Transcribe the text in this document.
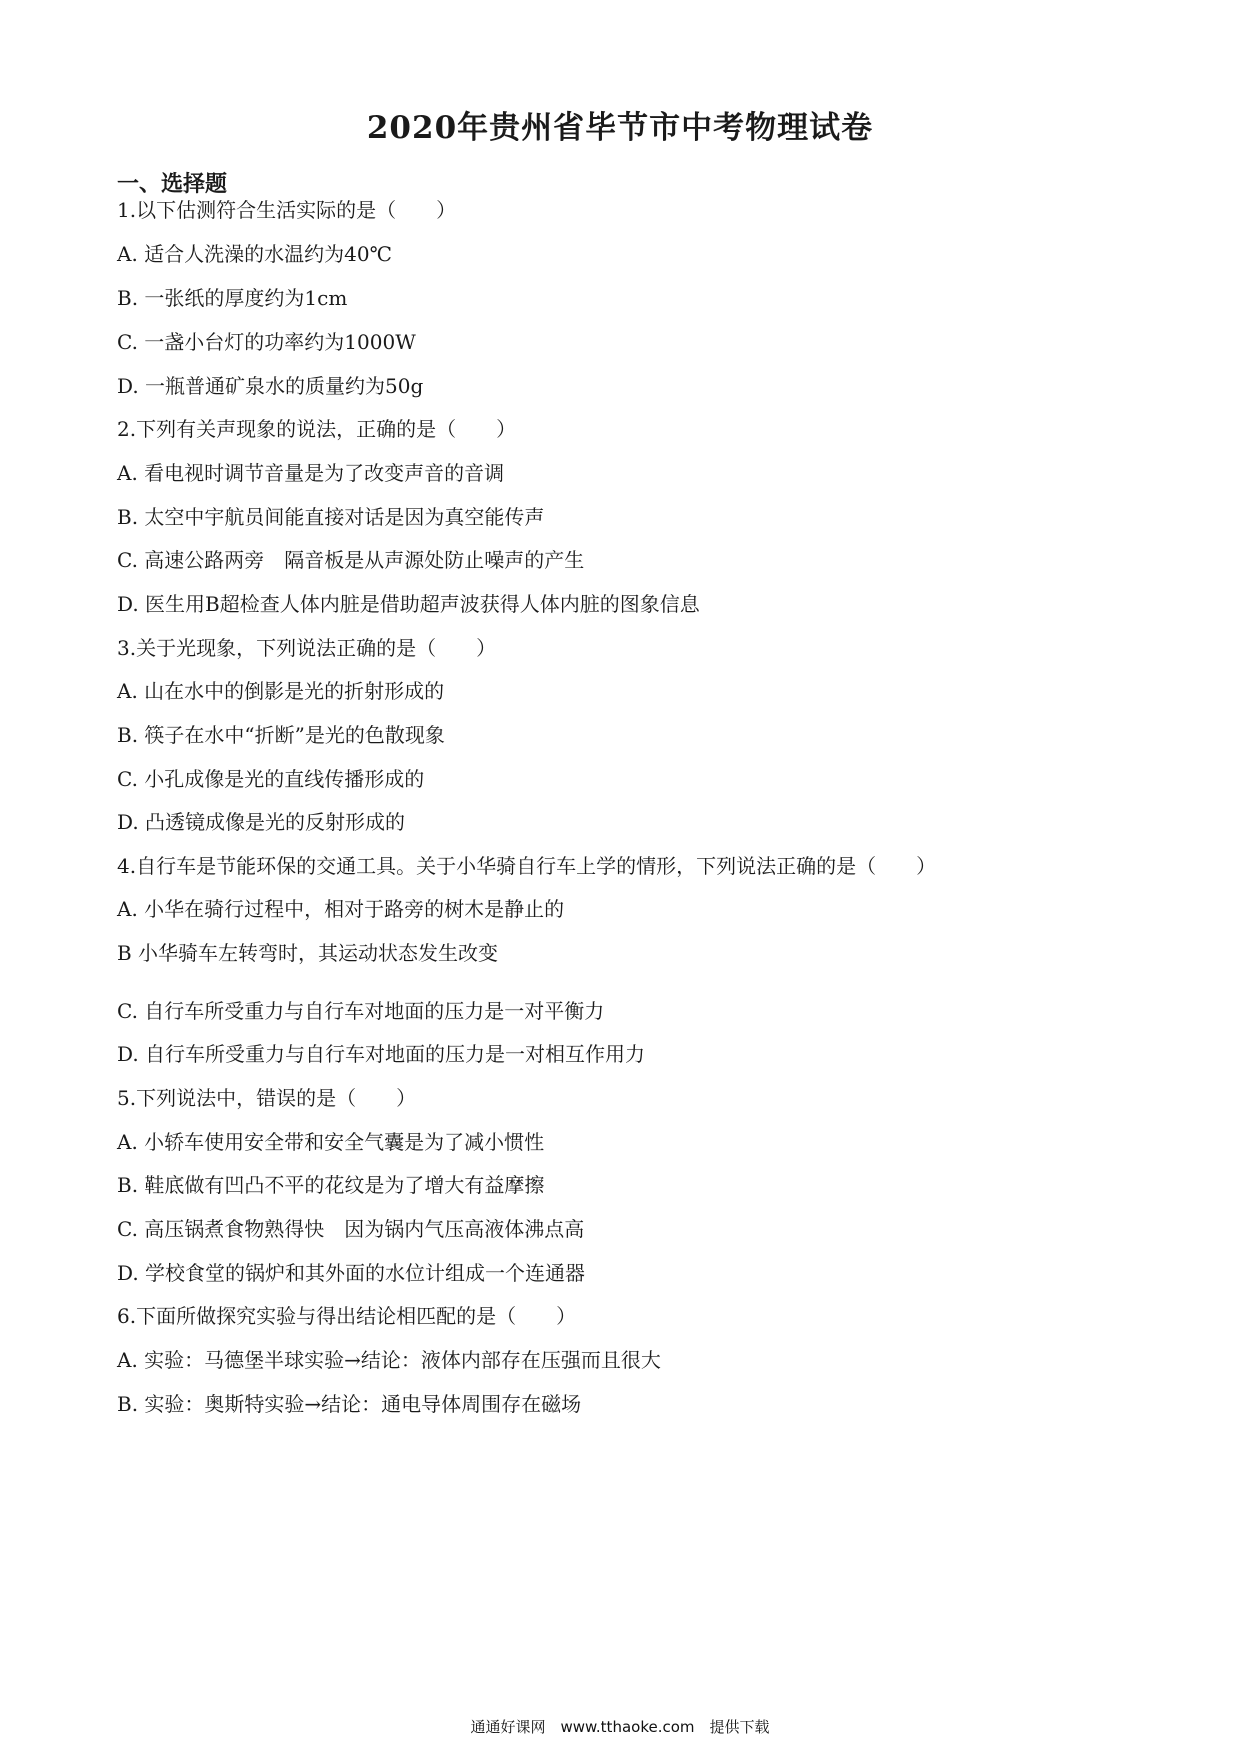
2020年贵州省毕节市中考物理试卷
一、选择题
1.以下估测符合生活实际的是（　　）
A. 适合人洗澡的水温约为40℃
B. 一张纸的厚度约为1cm
C. 一盏小台灯的功率约为1000W
D. 一瓶普通矿泉水的质量约为50g
2.下列有关声现象的说法，正确的是（　　）
A. 看电视时调节音量是为了改变声音的音调
B. 太空中宇航员间能直接对话是因为真空能传声
C. 高速公路两旁　隔音板是从声源处防止噪声的产生
D. 医生用B超检查人体内脏是借助超声波获得人体内脏的图象信息
3.关于光现象，下列说法正确的是（　　）
A. 山在水中的倒影是光的折射形成的
B. 筷子在水中“折断”是光的色散现象
C. 小孔成像是光的直线传播形成的
D. 凸透镜成像是光的反射形成的
4.自行车是节能环保的交通工具。关于小华骑自行车上学的情形，下列说法正确的是（　　）
A. 小华在骑行过程中，相对于路旁的树木是静止的
B 小华骑车左转弯时，其运动状态发生改变
C. 自行车所受重力与自行车对地面的压力是一对平衡力
D. 自行车所受重力与自行车对地面的压力是一对相互作用力
5.下列说法中，错误的是（　　）
A. 小轿车使用安全带和安全气囊是为了减小惯性
B. 鞋底做有凹凸不平的花纹是为了增大有益摩擦
C. 高压锅煮食物熟得快　因为锅内气压高液体沸点高
D. 学校食堂的锅炉和其外面的水位计组成一个连通器
6.下面所做探究实验与得出结论相匹配的是（　　）
A. 实验：马德堡半球实验→结论：液体内部存在压强而且很大
B. 实验：奥斯特实验→结论：通电导体周围存在磁场
通通好课网　www.tthaoke.com　提供下载
